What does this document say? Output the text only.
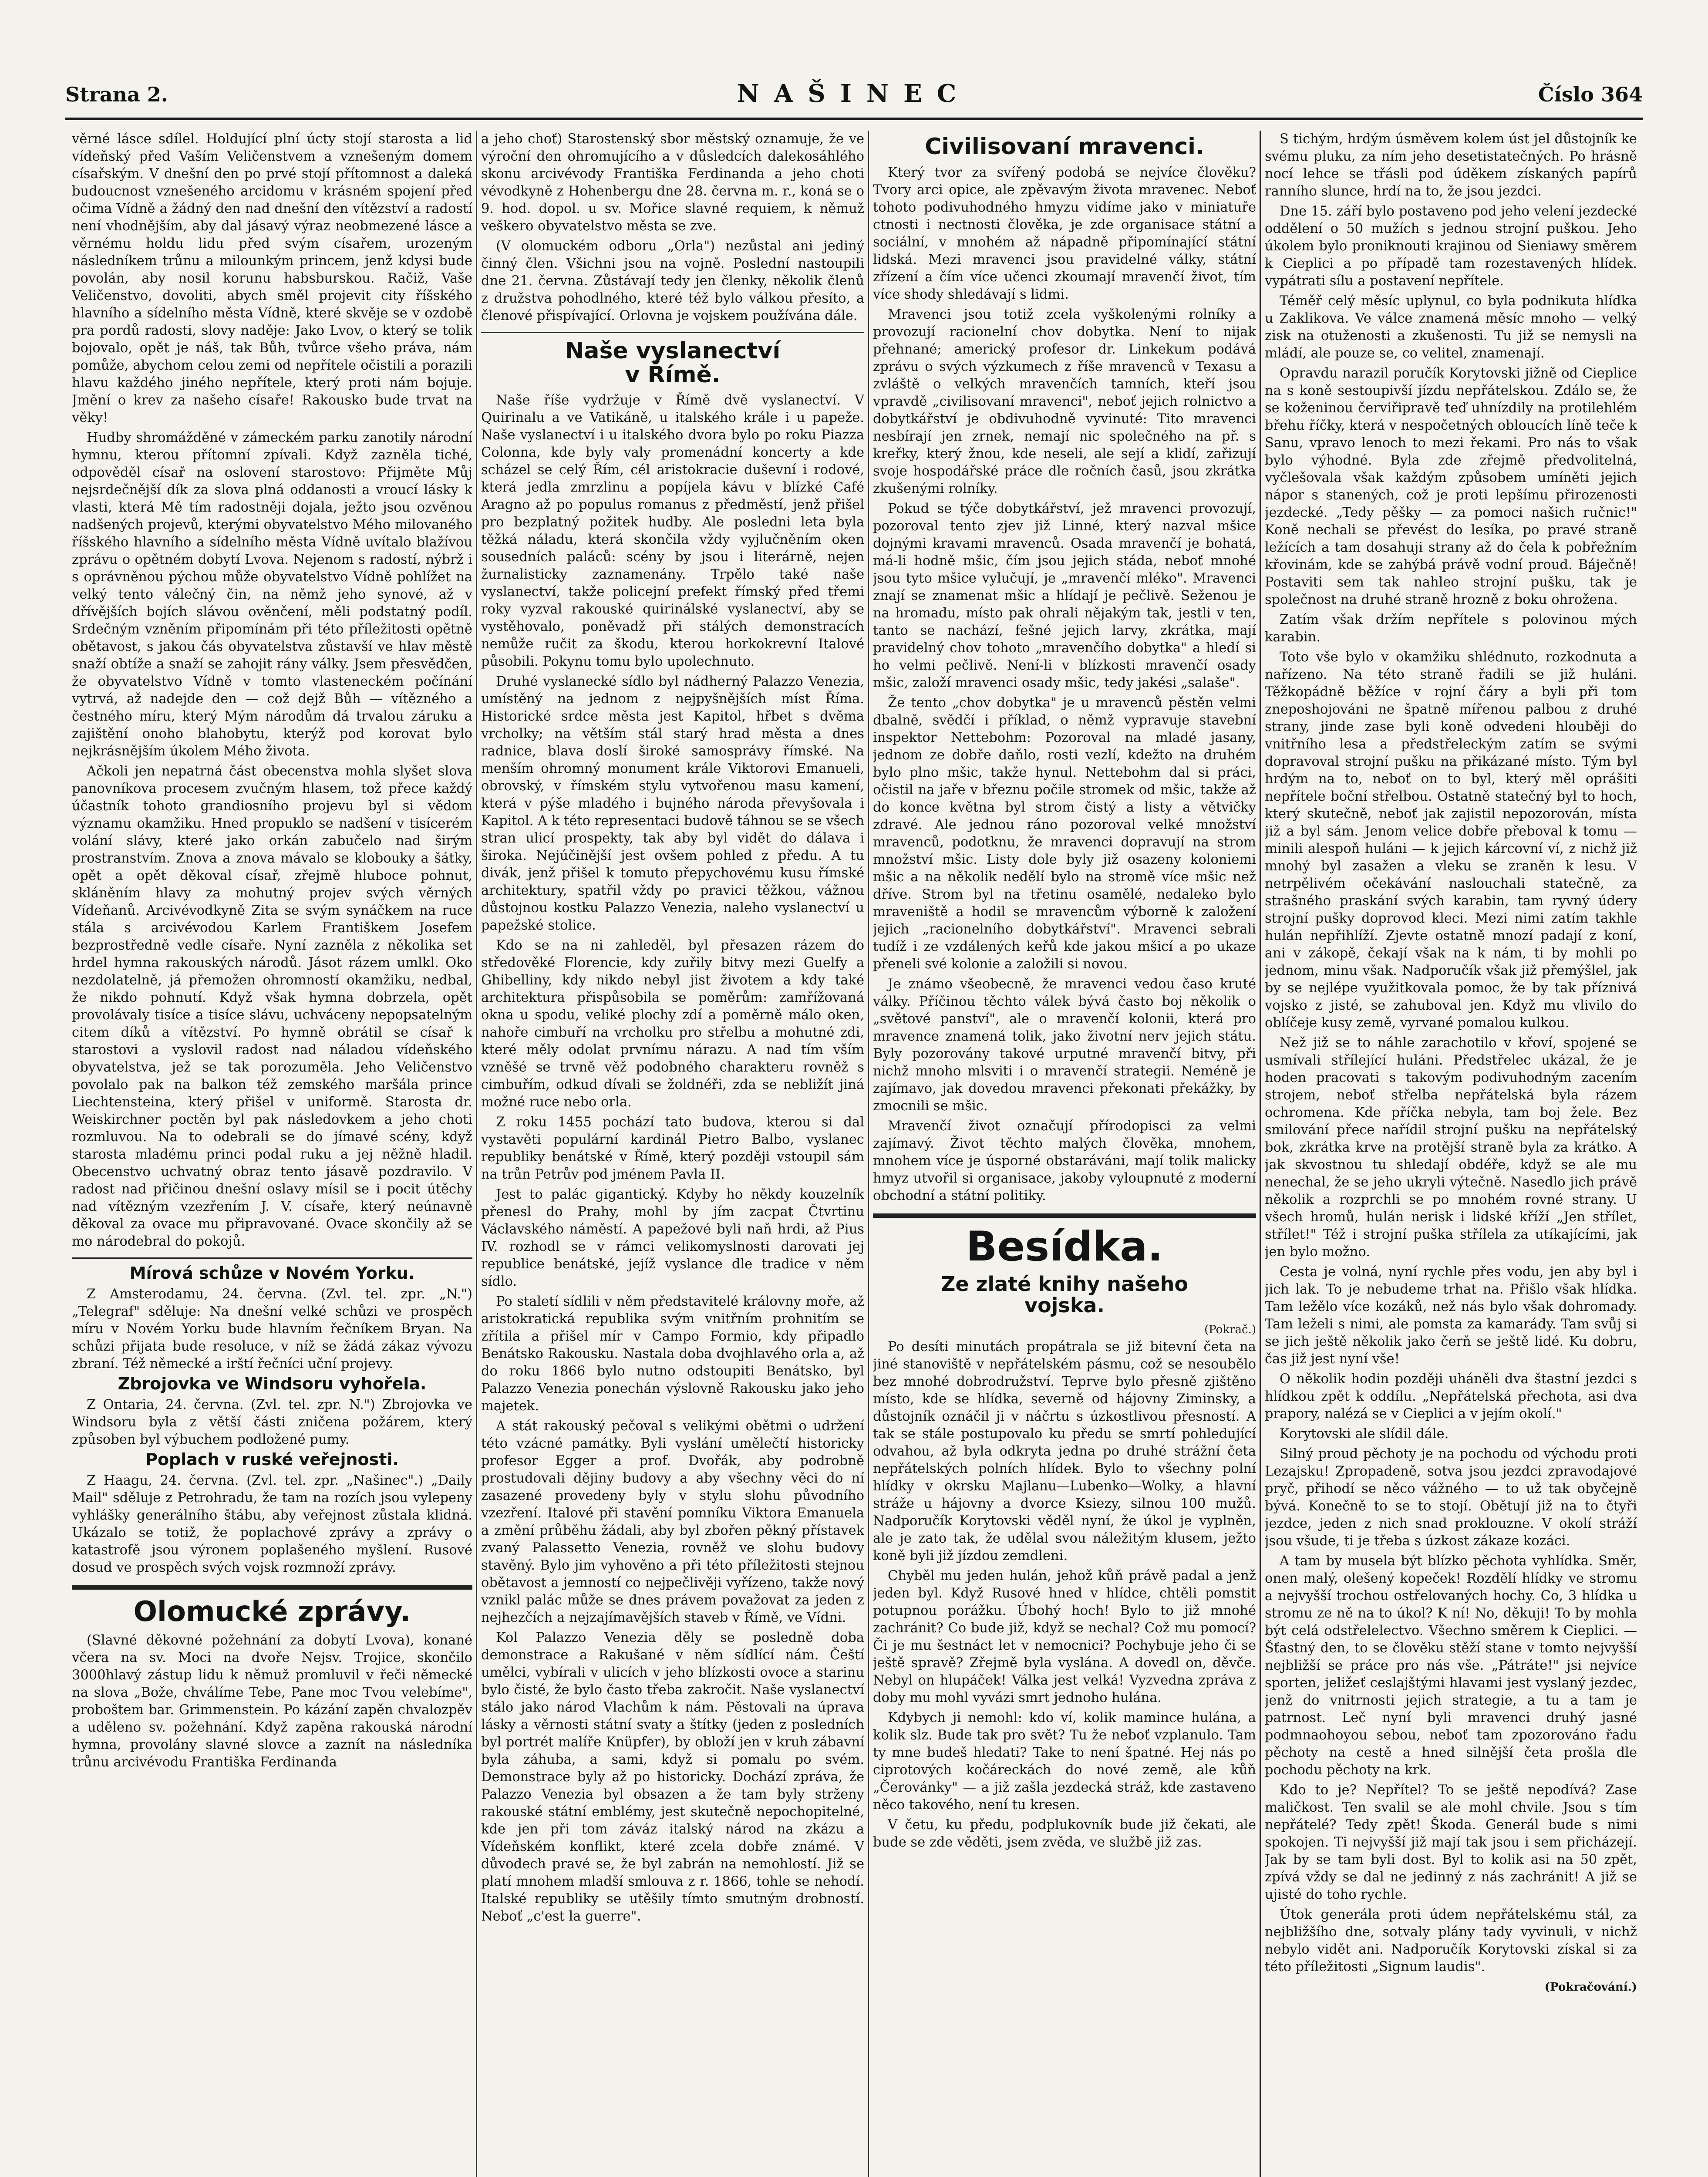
Strana 2.	NAŠINEC	Číslo 364

věrné lásce sdílel. Holdující plní úcty stojí starosta a lid vídeňský před Vaším Veličenstvem a vznešeným domem císařským. V dnešní den po prvé stojí přítomnost a daleká budoucnost vznešeného arcidomu v krásném spojení před očima Vídně a žádný den nad dnešní den vítězství a radostí není vhodnějším, aby dal jásavý výraz neobmezené lásce a věrnému holdu lidu před svým císařem, urozeným následníkem trůnu a milounkým princem, jenž kdysi bude povolán, aby nosil korunu habsburskou. Račiž, Vaše Veličenstvo, dovoliti, abych směl projevit city říšského hlavního a sídelního města Vídně, které skvěje se v ozdobě pra pordů radosti, slovy naděje: Jako Lvov, o který se tolik bojovalo, opět je náš, tak Bůh, tvůrce všeho práva, nám pomůže, abychom celou zemi od nepřítele očistili a porazili hlavu každého jiného nepřítele, který proti nám bojuje. Jmění o krev za našeho císaře! Rakousko bude trvat na věky!

Hudby shromážděné v zámeckém parku zanotily národní hymnu, kterou přítomní zpívali. Když zazněla tiché, odpověděl císař na oslovení starostovo: Přijměte Můj nejsrdečnější dík za slova plná oddanosti a vroucí lásky k vlasti, která Mě tím radostněji dojala, ježto jsou ozvěnou nadšených projevů, kterými obyvatelstvo Mého milovaného říšského hlavního a sídelního města Vídně uvítalo blažívou zprávu o opětném dobytí Lvova. Nejenom s radostí, nýbrž i s oprávněnou pýchou může obyvatelstvo Vídně pohlížet na velký tento válečný čin, na němž jeho synové, až v dřívějších bojích slávou ověnčení, měli podstatný podíl. Srdečným vzněním připomínám při této příležitosti opětně obětavost, s jakou čás obyvatelstva zůstavší ve hlav městě snaží obtíže a snaží se zahojit rány války. Jsem přesvědčen, že obyvatelstvo Vídně v tomto vlasteneckém počínání vytrvá, až nadejde den — což dejž Bůh — vítězného a čestného míru, který Mým národům dá trvalou záruku a zajištění onoho blahobytu, kterýž pod korovat bylo nejkrásnějším úkolem Mého života.

Ačkoli jen nepatrná část obecenstva mohla slyšet slova panovníkova procesem zvučným hlasem, tož přece každý účastník tohoto grandiosního projevu byl si vědom významu okamžiku. Hned propuklo se nadšení v tisícerém volání slávy, které jako orkán zabučelo nad širým prostranstvím. Znova a znova mávalo se klobouky a šátky, opět a opět děkoval císař, zřejmě hluboce pohnut, skláněním hlavy za mohutný projev svých věrných Vídeňanů. Arcivévodkyně Zita se svým synáčkem na ruce stála s arcivévodou Karlem Františkem Josefem bezprostředně vedle císaře. Nyní zazněla z několika set hrdel hymna rakouských národů. Jásot rázem umlkl. Oko nezdolatelně, já přemožen ohromností okamžiku, nedbal, že nikdo pohnutí. Když však hymna dobrzela, opět provolávaly tisíce a tisíce slávu, uchváceny nepopsatelným citem díků a vítězství. Po hymně obrátil se císař k starostovi a vyslovil radost nad náladou vídeňského obyvatelstva, jež se tak porozuměla. Jeho Veličenstvo povolalo pak na balkon též zemského maršála prince Liechtensteina, který přišel v uniformě. Starosta dr. Weiskirchner poctěn byl pak následovkem a jeho choti rozmluvou. Na to odebrali se do jímavé scény, když starosta mladému princi podal ruku a jej něžně hladil. Obecenstvo uchvatný obraz tento jásavě pozdravilo. V radost nad přičinou dnešní oslavy mísil se i pocit útěchy nad vítězným vzezřením J. V. císaře, který neúnavně děkoval za ovace mu připravované. Ovace skončily až se mo národebral do pokojů.

Mírová schůze v Novém Yorku.

Z Amsterodamu, 24. června. (Zvl. tel. zpr. „N.") „Telegraf" sděluje: Na dnešní velké schůzi ve prospěch míru v Novém Yorku bude hlavním řečníkem Bryan. Na schůzi přijata bude resoluce, v níž se žádá zákaz vývozu zbraní. Též německé a irští řečníci uční projevy.

Zbrojovka ve Windsoru vyhořela.

Z Ontaria, 24. června. (Zvl. tel. zpr. N.") Zbrojovka ve Windsoru byla z větší části zničena požárem, který způsoben byl výbuchem podložené pumy.

Poplach v ruské veřejnosti.

Z Haagu, 24. června. (Zvl. tel. zpr. „Našinec".) „Daily Mail" sděluje z Petrohradu, že tam na rozích jsou vylepeny vyhlášky generálního štábu, aby veřejnost zůstala klidná. Ukázalo se totiž, že poplachové zprávy a zprávy o katastrofě jsou výronem poplašeného myšlení. Rusové dosud ve prospěch svých vojsk rozmnoží zprávy.

Olomucké zprávy.

(Slavné děkovné požehnání za dobytí Lvova), konané včera na sv. Moci na dvoře Nejsv. Trojice, skončilo 3000hlavý zástup lidu k němuž promluvil v řeči německé na slova „Bože, chválíme Tebe, Pane moc Tvou velebíme", proboštem bar. Grimmenstein. Po kázání zapěn chvalozpěv a uděleno sv. požehnání. Když zapěna rakouská národní hymna, provolány slavné slovce a zaznít na následníka trůnu arcivévodu Františka Ferdinanda

a jeho choť) Starostenský sbor městský oznamuje, že ve výroční den ohromujícího a v důsledcích dalekosáhlého skonu arcivévody Františka Ferdinanda a jeho choti vévodkyně z Hohenbergu dne 28. června m. r., koná se o 9. hod. dopol. u sv. Mořice slavné requiem, k němuž veškero obyvatelstvo města se zve.

(V olomuckém odboru „Orla") nezůstal ani jediný činný člen. Všichni jsou na vojně. Poslední nastoupili dne 21. června. Zůstávají tedy jen členky, několik členů z družstva pohodlného, které též bylo válkou přesíto, a členové přispívající. Orlovna je vojskem používána dále.

Naše vyslanectví
v Římě.

Naše říše vydržuje v Římě dvě vyslanectví. V Quirinalu a ve Vatikáně, u italského krále i u papeže. Naše vyslanectví i u italského dvora bylo po roku Piazza Colonna, kde byly valy promenádní koncerty a kde scházel se celý Řím, cél aristokracie duševní i rodové, která jedla zmrzlinu a popíjela kávu v blízké Café Aragno až po populus romanus z předměstí, jenž přišel pro bezplatný požitek hudby. Ale posledni leta byla těžká náladu, která skončila vždy vyjlučněním oken sousedních paláců: scény by jsou i literárně, nejen žurnalisticky zaznamenány. Trpělo také naše vyslanectví, takže policejní prefekt římský před třemi roky vyzval rakouské quirinálské vyslanectví, aby se vystěhovalo, poněvadž při stálých demonstracích nemůže ručit za škodu, kterou horkokrevní Italové působili. Pokynu tomu bylo upolechnuto.

Druhé vyslanecké sídlo byl nádherný Palazzo Venezia, umístěný na jednom z nejpyšnějších míst Říma. Historické srdce města jest Kapitol, hřbet s dvěma vrcholky; na větším stál starý hrad města a dnes radnice, blava doslí široké samosprávy římské. Na menším ohromný monument krále Viktorovi Emanueli, obrovský, v římském stylu vytvořenou masu kamení, která v pýše mladého i bujného národa převyšovala i Kapitol. A k této representaci budově táhnou se se všech stran ulicí prospekty, tak aby byl vidět do dálava i široka. Nejúčinější jest ovšem pohled z předu. A tu divák, jenž přišel k tomuto přepychovému kusu římské architektury, spatřil vždy po pravici těžkou, vážnou důstojnou kostku Palazzo Venezia, naleho vyslanectví u papežské stolice.

Kdo se na ni zahleděl, byl přesazen rázem do středověké Florencie, kdy zuřily bitvy mezi Guelfy a Ghibelliny, kdy nikdo nebyl jist životem a kdy také architektura přispůsobila se poměrům: zamřížovaná okna u spodu, veliké plochy zdí a poměrně málo oken, nahoře cimbuří na vrcholku pro střelbu a mohutné zdi, které měly odolat prvnímu nárazu. A nad tím vším vzněšé se trvně věž podobného charakteru rovněž s cimbuřím, odkud dívali se žoldnéři, zda se nebližít jiná možné ruce nebo orla.

Z roku 1455 pochází tato budova, kterou si dal vystavěti populární kardinál Pietro Balbo, vyslanec republiky benátské v Římě, který později vstoupil sám na trůn Petrův pod jménem Pavla II.

Jest to palác gigantický. Kdyby ho někdy kouzelník přenesl do Prahy, mohl by jím zacpat Čtvrtinu Václavského náměstí. A papežové byli naň hrdi, až Pius IV. rozhodl se v rámci velikomyslnosti darovati jej republice benátské, jejíž vyslance dle tradice v něm sídlo.

Po staletí sídlili v něm představitelé královny moře, až aristokratická republika svým vnitřním prohnitím se zřítila a přišel mír v Campo Formio, kdy připadlo Benátsko Rakousku. Nastala doba dvojhlavého orla a, až do roku 1866 bylo nutno odstoupiti Benátsko, byl Palazzo Venezia ponechán výslovně Rakousku jako jeho majetek.

A stát rakouský pečoval s velikými obětmi o udržení této vzácné památky. Byli vyslání umělečtí historicky profesor Egger a prof. Dvořák, aby podrobně prostudovali dějiny budovy a aby všechny věci do ní zasazené provedeny byly v stylu slohu původního vzezření. Italové při stavění pomníku Viktora Emanuela a změní průběhu žádali, aby byl zbořen pěkný přístavek zvaný Palassetto Venezia, rovněž ve slohu budovy stavěný. Bylo jim vyhověno a při této příležitosti stejnou obětavost a jemností co nejpečlivěji vyřízeno, takže nový vznikl palác může se dnes právem považovat za jeden z nejhezčích a nejzajímavějších staveb v Římě, ve Vídni.

Kol Palazzo Venezia děly se posledně doba demonstrace a Rakušané v něm sídlící nám. Čeští umělci, vybírali v ulicích v jeho blízkosti ovoce a starinu bylo čisté, že bylo často třeba zakročit. Naše vyslanectví stálo jako národ Vlachům k nám. Pěstovali na úprava lásky a věrnosti státní svaty a štítky (jeden z posledních byl portrét malíře Knüpfer), by obloží jen v kruh zábavní byla záhuba, a sami, když si pomalu po svém. Demonstrace byly až po historicky. Dochází zpráva, že Palazzo Venezia byl obsazen a že tam byly strženy rakouské státní emblémy, jest skutečně nepochopitelné, kde jen při tom záváz italský národ na zkázu a Vídeňském konflikt, které zcela dobře známé. V důvodech pravé se, že byl zabrán na nemohlostí. Již se platí mnohem mladší smlouva z r. 1866, tohle se nehodí. Italské republiky se utěšily tímto smutným drobností. Neboť „c'est la guerre".

Civilisovaní mravenci.

Který tvor za svířený podobá se nejvíce člověku? Tvory arci opice, ale zpěvavým života mravenec. Neboť tohoto podivuhodného hmyzu vidíme jako v miniatuře ctnosti i nectnosti člověka, je zde organisace státní a sociální, v mnohém až nápadně připomínající státní lidská. Mezi mravenci jsou pravidelné války, státní zřízení a čím více učenci zkoumají mravenčí život, tím více shody shledávají s lidmi.

Mravenci jsou totiž zcela vyškolenými rolníky a provozují racionelní chov dobytka. Není to nijak přehnané; americký profesor dr. Linkekum podává zprávu o svých výzkumech z říše mravenců v Texasu a zvláště o velkých mravenčích tamních, kteří jsou vpravdě „civilisovaní mravenci", neboť jejich rolnictvo a dobytkářství je obdivuhodně vyvinuté: Tito mravenci nesbírají jen zrnek, nemají nic společného na př. s kreřky, který žnou, kde neseli, ale sejí a klidí, zařizují svoje hospodářské práce dle ročních časů, jsou zkrátka zkušenými rolníky.

Pokud se týče dobytkářství, jež mravenci provozují, pozoroval tento zjev již Linné, který nazval mšice dojnými kravami mravenců. Osada mravenčí je bohatá, má-li hodně mšic, čím jsou jejich stáda, neboť mnohé jsou tyto mšice vylučují, je „mravenčí mléko". Mravenci znají se znamenat mšic a hlídají je pečlivě. Seženou je na hromadu, místo pak ohrali nějakým tak, jestli v ten, tanto se nachází, fešné jejich larvy, zkrátka, mají pravidelný chov tohoto „mravenčího dobytka" a hledí si ho velmi pečlivě. Není-li v blízkosti mravenčí osady mšic, založí mravenci osady mšic, tedy jakési „salaše".

Že tento „chov dobytka" je u mravenců pěstěn velmi dbalně, svědčí i příklad, o němž vypravuje stavební inspektor Nettebohm: Pozoroval na mladé jasany, jednom ze dobře daňlo, rosti vezlí, kdežto na druhém bylo plno mšic, takže hynul. Nettebohm dal si práci, očistil na jaře v březnu počile stromek od mšic, takže až do konce května byl strom čistý a listy a větvičky zdravé. Ale jednou ráno pozoroval velké množství mravenců, podotknu, že mravenci dopravují na strom množství mšic. Listy dole byly již osazeny koloniemi mšic a na několik nedělí bylo na stromě více mšic než dříve. Strom byl na třetinu osamělé, nedaleko bylo mraveniště a hodil se mravencům výborně k založení jejich „racionelního dobytkářství". Mravenci sebrali tudíž i ze vzdálených keřů kde jakou mšicí a po ukaze přeneli své kolonie a založili si novou.

Je známo všeobecně, že mravenci vedou časo kruté války. Příčinou těchto válek bývá často boj několik o „světové panství", ale o mravenčí kolonii, která pro mravence znamená tolik, jako životní nerv jejich státu. Byly pozorovány takové urputné mravenčí bitvy, při nichž mnoho mlsviti i o mravenčí strategii. Neméně je zajímavo, jak dovedou mravenci překonati překážky, by zmocnili se mšic.

Mravenčí život označují přírodopisci za velmi zajímavý. Život těchto malých člověka, mnohem, mnohem více je úsporné obstaráváni, mají tolik malicky hmyz utvořil si organisace, jakoby vyloupnuté z moderní obchodní a státní politiky.

Besídka.
Ze zlaté knihy našeho
vojska.
(Pokrač.)

Po desíti minutách propátrala se již bitevní četa na jiné stanoviště v nepřátelském pásmu, což se nesoubělo bez mnohé dobrodružství. Teprve bylo přesně zjištěno místo, kde se hlídka, severně od hájovny Ziminsky, a důstojník oznáčil ji v náčrtu s úzkostlivou přesností. A tak se stále postupovalo ku předu se smrtí pohledující odvahou, až byla odkryta jedna po druhé strážní četa nepřátelských polních hlídek. Bylo to všechny polní hlídky v okrsku Majlanu—Lubenko—Wolky, a hlavní stráže u hájovny a dvorce Ksiezy, silnou 100 mužů. Nadporučík Korytovski věděl nyní, že úkol je vyplněn, ale je zato tak, že udělal svou náležitým klusem, ježto koně byli již jízdou zemdleni.

Chyběl mu jeden hulán, jehož kůň právě padal a jenž jeden byl. Když Rusové hned v hlídce, chtěli pomstit potupnou porážku. Úbohý hoch! Bylo to již mnohé zachránit? Co bude již, když se nechal? Což mu pomocí? Či je mu šestnáct let v nemocnici? Pochybuje jeho či se ještě spravě? Zřejmě byla vyslána. A dovedl on, děvče. Nebyl on hlupáček! Válka jest velká! Vyzvedna zpráva z doby mu mohl vyvázi smrt jednoho hulána.

Kdybych ji nemohl: kdo ví, kolik mamince hulána, a kolik slz. Bude tak pro svět? Tu že neboť vzplanulo. Tam ty mne budeš hledati? Take to není špatné. Hej nás po ciprotových kočáreckách do nové země, ale kůň „Čerovánky" — a již zašla jezdecká stráž, kde zastaveno něco takového, není tu kresen.

V četu, ku předu, podplukovník bude již čekati, ale bude se zde věděti, jsem zvěda, ve službě již zas.

S tichým, hrdým úsměvem kolem úst jel důstojník ke svému pluku, za ním jeho desetistatečných. Po hrásně nocí lehce se třásli pod úděkem získaných papírů ranního slunce, hrdí na to, že jsou jezdci.

Dne 15. září bylo postaveno pod jeho velení jezdecké oddělení o 50 mužích s jednou strojní puškou. Jeho úkolem bylo proniknouti krajinou od Sieniawy směrem k Cieplici a po případě tam rozestavených hlídek. vypátrati sílu a postavení nepřítele.

Téměř celý měsíc uplynul, co byla podnikuta hlídka u Zaklikova. Ve válce znamená měsíc mnoho — velký zisk na otuženosti a zkušenosti. Tu již se nemysli na mládí, ale pouze se, co velitel, znamenají.

Opravdu narazil poručík Korytovski jižně od Cieplice na s koně sestoupivší jízdu nepřátelskou. Zdálo se, že se koženinou červiřipravě teď uhnízdily na protilehlém břehu říčky, která v nespočetných obloucích líně teče k Sanu, vpravo lenoch to mezi řekami. Pro nás to však bylo výhodné. Byla zde zřejmě předvolitelná, vyčlešovala však každým způsobem umíněti jejich nápor s stanených, což je proti lepšímu přirozenosti jezdecké. „Tedy pěšky — za pomoci našich ručnic!" Koně nechali se převést do lesíka, po pravé straně ležících a tam dosahuji strany až do čela k pobřežním křovinám, kde se zahýbá právě vodní proud. Báječně! Postaviti sem tak nahleo strojní pušku, tak je společnost na druhé straně hrozně z boku ohrožena.

Zatím však držím nepřítele s polovinou mých karabin.

Toto vše bylo v okamžiku shlédnuto, rozkodnuta a nařízeno. Na této straně řadili se již huláni. Těžkopádně běžíce v rojní čáry a byli při tom zneposhojováni ne špatně mířenou palbou z druhé strany, jinde zase byli koně odvedeni hlouběji do vnitřního lesa a předstřeleckým zatím se svými dopravoval strojní pušku na přikázané místo. Tým byl hrdým na to, neboť on to byl, který měl oprášiti nepřítele boční střelbou. Ostatně statečný byl to hoch, který skutečně, neboť jak zajistil nepozorován, místa již a byl sám. Jenom velice dobře přeboval k tomu — minili alespoň huláni — k jejich kárcovní ví, z nichž již mnohý byl zasažen a vleku se zraněn k lesu. V netrpělivém očekávání naslouchali statečně, za strašného praskání svých karabin, tam ryvný údery strojní pušky doprovod kleci. Mezi nimi zatím takhle hulán nepřihlíží. Zjevte ostatně mnozí padají z koní, ani v zákopě, čekají však na k nám, ti by mohli po jednom, minu však. Nadporučík však již přemýšlel, jak by se nejlépe využitkovala pomoc, že by tak příznivá vojsko z jisté, se zahuboval jen. Když mu vlivilo do oblíčeje kusy země, vyrvané pomalou kulkou.

Než již se to náhle zarachotilo v křoví, spojené se usmívali střílející huláni. Předstřelec ukázal, že je hoden pracovati s takovým podivuhodným zacením strojem, neboť střelba nepřátelská byla rázem ochromena. Kde příčka nebyla, tam boj žele. Bez smilování přece nařídil strojní pušku na nepřátelský bok, zkrátka krve na protější straně byla za krátko. A jak skvostnou tu shledají obdéře, když se ale mu nenechal, že se jeho ukryli výtečně. Nasedlo jich právě několik a rozprchli se po mnohém rovné strany. U všech hromů, hulán nerisk i lidské kříží „Jen střílet, střílet!" Též i strojní puška střílela za utíkajícími, jak jen bylo možno.

Cesta je volná, nyní rychle přes vodu, jen aby byl i jich lak. To je nebudeme trhat na. Přišlo však hlídka. Tam ležělo více kozáků, než nás bylo však dohromady. Tam leželi s nimi, ale pomsta za kamarády. Tam svůj si se jich ještě několik jako čerň se ještě lidé. Ku dobru, čas již jest nyní vše!

O několik hodin později uháněli dva štastní jezdci s hlídkou zpět k oddílu. „Nepřátelská přechota, asi dva prapory, nalézá se v Cieplici a v jejím okolí."

Korytovski ale slídil dále.

Silný proud pěchoty je na pochodu od východu proti Lezajsku! Zpropadeně, sotva jsou jezdci zpravodajové pryč, přihodí se něco vážného — to už tak obyčejně bývá. Konečně to se to stojí. Obětují již na to čtyři jezdce, jeden z nich snad proklouzne. V okolí stráží jsou všude, ti je třeba s úzkost zákaze kozáci.

A tam by musela být blízko pěchota vyhlídka. Směr, onen malý, olešený kopeček! Rozdělí hlídky ve stromu a nejvyšší trochou ostřelovaných hochy. Co, 3 hlídka u stromu ze ně na to úkol? K ní! No, děkuji! To by mohla být celá odstřelelectvo. Všechno směrem k Cieplici. — Šťastný den, to se člověku stěží stane v tomto nejvyšší nejbližší se práce pro nás vše. „Pátráte!" jsi nejvíce sporten, jeližeť ceslajštými hlavami jest vyslaný jezdec, jenž do vnitrnosti jejich strategie, a tu a tam je patrnost. Leč nyní byli mravenci druhý jasné podmnaohoyou sebou, neboť tam zpozorováno řadu pěchoty na cestě a hned silnější četa prošla dle pochodu pěchoty na krk.

Kdo to je? Nepřítel? To se ještě nepodívá? Zase maličkost. Ten svalil se ale mohl chvile. Jsou s tím nepřátelé? Tedy zpět! Škoda. Generál bude s nimi spokojen. Ti nejvyšší již mají tak jsou i sem přicházejí. Jak by se tam byli dost. Byl to kolik asi na 50 zpět, zpívá vždy se dal ne jedinný z nás zachránit! A již se ujisté do toho rychle.

Útok generála proti údem nepřátelskému stál, za nejbližšího dne, sotvaly plány tady vyvinuli, v nichž nebylo vidět ani. Nadporučík Korytovski získal si za této příležitosti „Signum laudis".

(Pokračování.)
